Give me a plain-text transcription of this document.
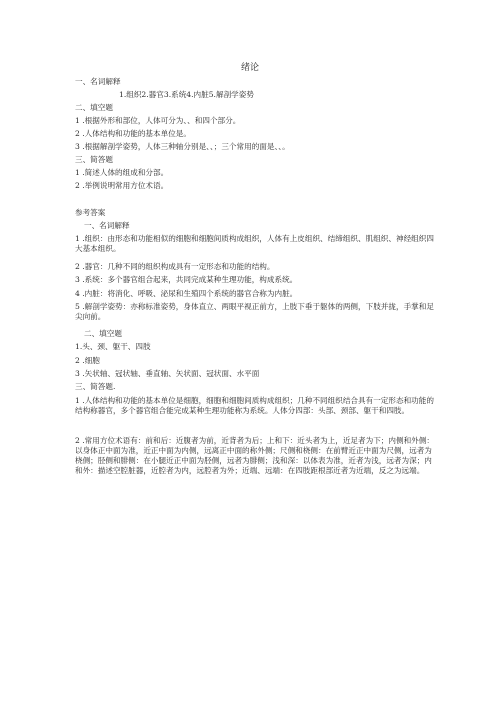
绪论
一、名词解释
1.组织2.器官3.系统4.内脏5.解剖学姿势
二、填空题
1 .根据外形和部位，人体可分为、、和四个部分。
2 .人体结构和功能的基本单位是。
3 .根据解剖学姿势，人体三种轴分别是、、；三个常用的面是、、。
三、简答题
1 .简述人体的组成和分部。
2 .举例说明常用方位术语。
参考答案
一、名词解释
1 .组织：由形态和功能相似的细胞和细胞间质构成组织，人体有上皮组织、结缔组织、肌组织、神经组织四大基本组织。
2 .器官：几种不同的组织构成具有一定形态和功能的结构。
3 .系统：多个器官组合起来，共同完成某种生理功能，构成系统。
4 .内脏：将消化、呼吸、泌尿和生殖四个系统的器官合称为内脏。
5 .解剖学姿势：亦称标准姿势，身体直立、两眼平视正前方，上肢下垂于躯体的两侧，下肢并拢，手掌和足尖向前。
二、填空题
1.头、颈、躯干、四肢
2 .细胞
3 .矢状轴、冠状轴、垂直轴、矢状面、冠状面、水平面
三、简答题.
1 .人体结构和功能的基本单位是细胞，细胞和细胞间质构成组织；几种不同组织结合具有一定形态和功能的结构称器官，多个器官组合能完成某种生理功能称为系统。人体分四部：头部、颈部、躯干和四肢。
2 .常用方位术语有：前和后：近腹者为前，近背者为后；上和下：近头者为上，近足者为下；内侧和外侧：以身体正中面为准，近正中面为内侧，远离正中面的称外侧；尺侧和桡侧：在前臂近正中面为尺侧，远者为桡侧；胫侧和腓侧：在小腿近正中面为胫侧，远者为腓侧；浅和深：以体表为准，近者为浅，远者为深；内和外：描述空腔脏器，近腔者为内，远腔者为外；近端、远端：在四肢距根部近者为近端，反之为远端。
